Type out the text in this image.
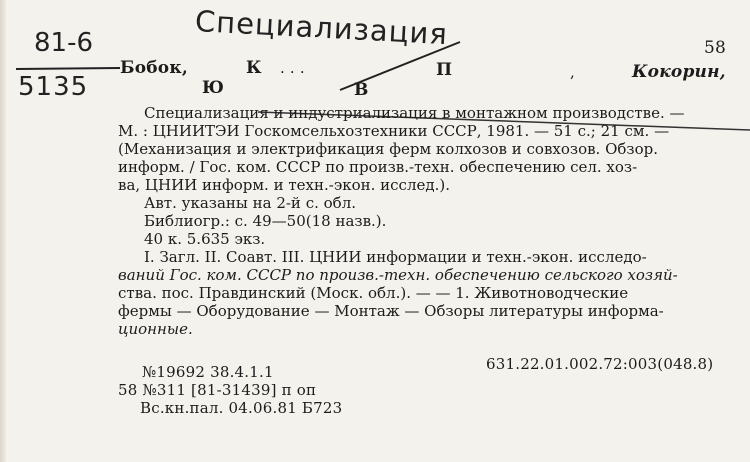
Специализация
81-6
5135
Бобок,	К . . .
Ю	В
П	,	Кокорин,
58
Специализация и индустриализация в монтажном производстве. —
М. : ЦНИИТЭИ Госкомсельхозтехники СССР, 1981. — 51 с.; 21 см. —
(Механизация и электрификация ферм колхозов и совхозов. Обзор.
информ. / Гос. ком. СССР по произв.-техн. обеспечению сел. хоз-
ва, ЦНИИ информ. и техн.-экон. исслед.).
Авт. указаны на 2-й с. обл.
Библиогр.: с. 49—50(18 назв.).
40 к. 5.635 экз.
I. Загл. II. Соавт. III. ЦНИИ информации и техн.-экон. исследо-
ваний Гос. ком. СССР по произв.-техн. обеспечению сельского хозяй-
ства. пос. Правдинский (Моск. обл.). — — 1. Животноводческие
фермы — Оборудование — Монтаж — Обзоры литературы информа-
ционные.
631.22.01.002.72:003(048.8)
№19692 38.4.1.1
58 №311 [81-31439] п оп
Вс.кн.пал. 04.06.81 Б723
